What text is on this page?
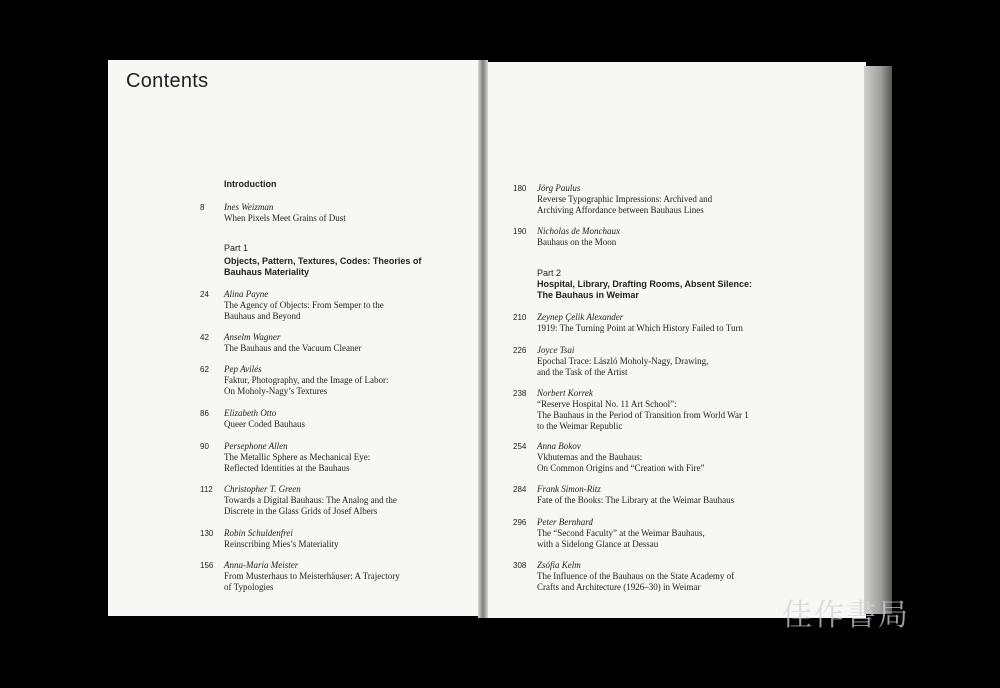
Contents
Introduction
Part 1
Objects, Pattern, Textures, Codes: Theories of
Bauhaus Materiality	Part 2
Hospital, Library, Drafting Rooms, Absent Silence:
The Bauhaus in Weimar
8 Ines Weizman
When Pixels Meet Grains of Dust
24 Alina Payne
The Agency of Objects: From Semper to the
Bauhaus and Beyond
42 Anselm Wagner
The Bauhaus and the Vacuum Cleaner
62 Pep Avilés
Faktur, Photography, and the Image of Labor:
On Moholy-Nagy’s Textures
86 Elizabeth Otto
Queer Coded Bauhaus
90 Persephone Allen
The Metallic Sphere as Mechanical Eye:
Reflected Identities at the Bauhaus
112 Christopher T. Green
Towards a Digital Bauhaus: The Analog and the
Discrete in the Glass Grids of Josef Albers
130 Robin Schuldenfrei
Reinscribing Mies’s Materiality
156 Anna-Maria Meister
From Musterhaus to Meisterhäuser: A Trajectory
of Typologies
180 Jörg Paulus
Reverse Typographic Impressions: Archived and
Archiving Affordance between Bauhaus Lines
190 Nicholas de Monchaux
Bauhaus on the Moon
210 Zeynep Çelik Alexander
1919: The Turning Point at Which History Failed to Turn
226 Joyce Tsai
Epochal Trace: László Moholy-Nagy, Drawing,
and the Task of the Artist
238 Norbert Korrek
“Reserve Hospital No. 11 Art School”:
The Bauhaus in the Period of Transition from World War 1
to the Weimar Republic
254 Anna Bokov
Vkhutemas and the Bauhaus:
On Common Origins and “Creation with Fire”
284 Frank Simon-Ritz
Fate of the Books: The Library at the Weimar Bauhaus
296 Peter Bernhard
The “Second Faculty” at the Weimar Bauhaus,
with a Sidelong Glance at Dessau
308 Zsófia Kelm
The Influence of the Bauhaus on the State Academy of
Crafts and Architecture (1926–30) in Weimar
佳作書局
